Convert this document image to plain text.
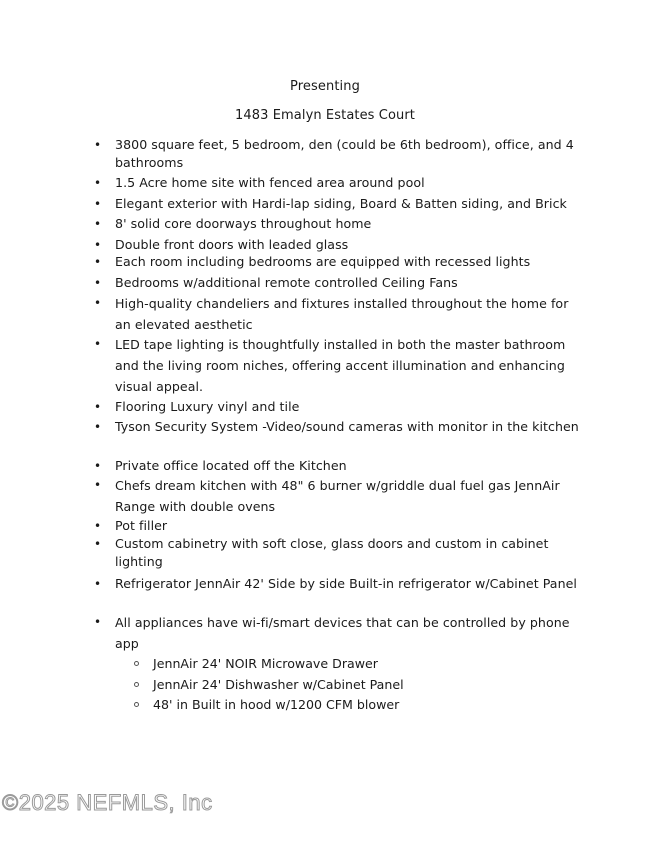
Presenting
1483 Emalyn Estates Court
• 3800 square feet, 5 bedroom, den (could be 6th bedroom), office, and 4 bathrooms
• 1.5 Acre home site with fenced area around pool
• Elegant exterior with Hardi-lap siding, Board & Batten siding, and Brick
• 8' solid core doorways throughout home
• Double front doors with leaded glass
• Each room including bedrooms are equipped with recessed lights
• Bedrooms w/additional remote controlled Ceiling Fans
• High-quality chandeliers and fixtures installed throughout the home for an elevated aesthetic
• LED tape lighting is thoughtfully installed in both the master bathroom and the living room niches, offering accent illumination and enhancing visual appeal.
• Flooring Luxury vinyl and tile
• Tyson Security System -Video/sound cameras with monitor in the kitchen
• Private office located off the Kitchen
• Chefs dream kitchen with 48" 6 burner w/griddle dual fuel gas JennAir Range with double ovens
• Pot filler
• Custom cabinetry with soft close, glass doors and custom in cabinet lighting
• Refrigerator JennAir 42' Side by side Built-in refrigerator w/Cabinet Panel
• All appliances have wi-fi/smart devices that can be controlled by phone app
JennAir 24' NOIR Microwave Drawer
JennAir 24' Dishwasher w/Cabinet Panel
48' in Built in hood w/1200 CFM blower
©2025 NEFMLS, Inc
